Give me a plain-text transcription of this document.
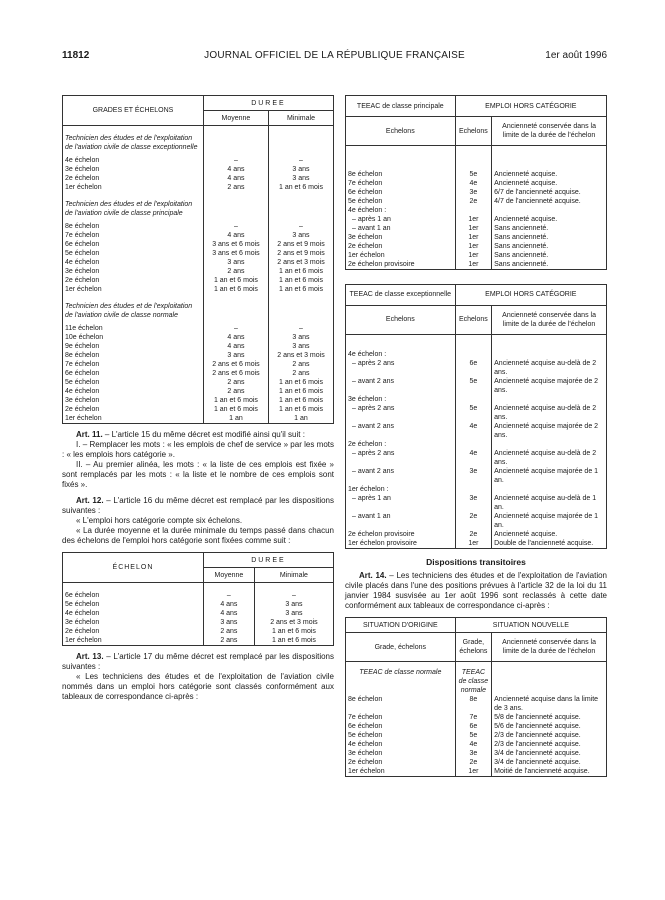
11812	JOURNAL OFFICIEL DE LA RÉPUBLIQUE FRANÇAISE	1er août 1996
GRADES ET ÉCHELONS	DUREE	
	Moyenne	Minimale

Technicien des études et de l'exploitation de l'aviation civile de classe exceptionnelle		

4e échelon	–	–
3e échelon	4 ans	3 ans
2e échelon	4 ans	3 ans
1er échelon	2 ans	1 an et 6 mois

Technicien des études et de l'exploitation de l'aviation civile de classe principale		

8e échelon	–	–
7e échelon	4 ans	3 ans
6e échelon	3 ans et 6 mois	2 ans et 9 mois
5e échelon	3 ans et 6 mois	2 ans et 9 mois
4e échelon	3 ans	2 ans et 3 mois
3e échelon	2 ans	1 an et 6 mois
2e échelon	1 an et 6 mois	1 an et 6 mois
1er échelon	1 an et 6 mois	1 an et 6 mois

Technicien des études et de l'exploitation de l'aviation civile de classe normale		

11e échelon	–	–
10e échelon	4 ans	3 ans
9e échelon	4 ans	3 ans
8e échelon	3 ans	2 ans et 3 mois
7e échelon	2 ans et 6 mois	2 ans
6e échelon	2 ans et 6 mois	2 ans
5e échelon	2 ans	1 an et 6 mois
4e échelon	2 ans	1 an et 6 mois
3e échelon	1 an et 6 mois	1 an et 6 mois
2e échelon	1 an et 6 mois	1 an et 6 mois
1er échelon	1 an	1 an

Art. 11. – L'article 15 du même décret est modifié ainsi qu'il suit :

I. – Remplacer les mots : « les emplois de chef de service » par les mots : « les emplois hors catégorie ».

II. – Au premier alinéa, les mots : « la liste de ces emplois est fixée » sont remplacés par les mots : « la liste et le nombre de ces emplois sont fixés ».

Art. 12. – L'article 16 du même décret est remplacé par les dispositions suivantes :

« L'emploi hors catégorie compte six échelons.

« La durée moyenne et la durée minimale du temps passé dans chacun des échelons de l'emploi hors catégorie sont fixées comme suit :

ÉCHELON	DUREE	
	Moyenne	Minimale

6e échelon	–	–
5e échelon	4 ans	3 ans
4e échelon	4 ans	3 ans
3e échelon	3 ans	2 ans et 3 mois
2e échelon	2 ans	1 an et 6 mois
1er échelon	2 ans	1 an et 6 mois

Art. 13. – L'article 17 du même décret est remplacé par les dispositions suivantes :

« Les techniciens des études et de l'exploitation de l'aviation civile nommés dans un emploi hors catégorie sont classés conformément aux tableaux de correspondance ci-après :

TEEAC de classe principale	EMPLOI HORS CATÉGORIE	
Echelons	Echelons	Ancienneté conservée dans la limite de la durée de l'échelon

8e échelon	5e	Ancienneté acquise.
7e échelon	4e	Ancienneté acquise.
6e échelon	3e	6/7 de l'ancienneté acquise.
5e échelon	2e	4/7 de l'ancienneté acquise.
4e échelon :		
– après 1 an	1er	Ancienneté acquise.
– avant 1 an	1er	Sans ancienneté.
3e échelon	1er	Sans ancienneté.
2e échelon	1er	Sans ancienneté.
1er échelon	1er	Sans ancienneté.
2e échelon provisoire	1er	Sans ancienneté.
TEEAC de classe exceptionnelle	EMPLOI HORS CATÉGORIE	
Echelons	Echelons	Ancienneté conservée dans la limite de la durée de l'échelon

4e échelon :		
– après 2 ans	6e	Ancienneté acquise au-delà de 2 ans.
– avant 2 ans	5e	Ancienneté acquise majorée de 2 ans.
3e échelon :		
– après 2 ans	5e	Ancienneté acquise au-delà de 2 ans.
– avant 2 ans	4e	Ancienneté acquise majorée de 2 ans.
2e échelon :		
– après 2 ans	4e	Ancienneté acquise au-delà de 2 ans.
– avant 2 ans	3e	Ancienneté acquise majorée de 1 an.
1er échelon :		
– après 1 an	3e	Ancienneté acquise au-delà de 1 an.
– avant 1 an	2e	Ancienneté acquise majorée de 1 an.
2e échelon provisoire	2e	Ancienneté acquise.
1er échelon provisoire	1er	Double de l'ancienneté acquise.
Dispositions transitoires

Art. 14. – Les techniciens des études et de l'exploitation de l'aviation civile placés dans l'une des positions prévues à l'article 32 de la loi du 11 janvier 1984 susvisée au 1er août 1996 sont reclassés à cette date conformément aux tableaux de correspondance ci-après :

SITUATION D'ORIGINE	SITUATION NOUVELLE	
Grade, échelons	Grade, échelons	Ancienneté conservée dans la limite de la durée de l'échelon
TEEAC de classe normale	TEEAC de classe normale	
8e échelon	8e	Ancienneté acquise dans la limite de 3 ans.
7e échelon	7e	5/8 de l'ancienneté acquise.
6e échelon	6e	5/6 de l'ancienneté acquise.
5e échelon	5e	2/3 de l'ancienneté acquise.
4e échelon	4e	2/3 de l'ancienneté acquise.
3e échelon	3e	3/4 de l'ancienneté acquise.
2e échelon	2e	3/4 de l'ancienneté acquise.
1er échelon	1er	Moitié de l'ancienneté acquise.
